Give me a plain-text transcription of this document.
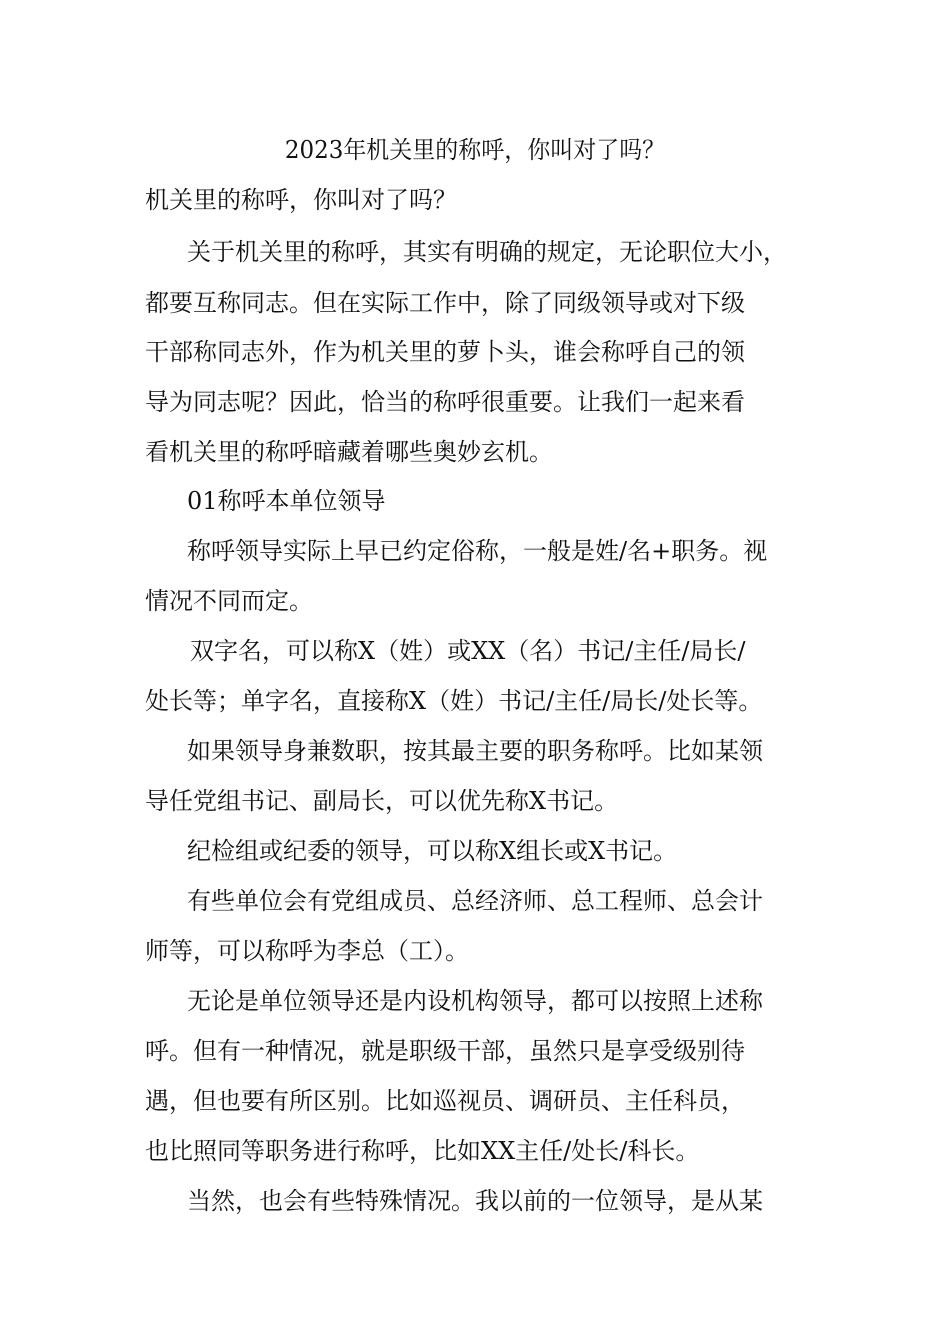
2023年机关里的称呼，你叫对了吗？
机关里的称呼，你叫对了吗？
关于机关里的称呼，其实有明确的规定，无论职位大小，
都要互称同志。但在实际工作中，除了同级领导或对下级
干部称同志外，作为机关里的萝卜头，谁会称呼自己的领
导为同志呢？因此，恰当的称呼很重要。让我们一起来看
看机关里的称呼暗藏着哪些奥妙玄机。
01称呼本单位领导
称呼领导实际上早已约定俗称，一般是姓/名+职务。视
情况不同而定。
双字名，可以称X（姓）或XX（名）书记/主任/局长/
处长等；单字名，直接称X（姓）书记/主任/局长/处长等。
如果领导身兼数职，按其最主要的职务称呼。比如某领
导任党组书记、副局长，可以优先称X书记。
纪检组或纪委的领导，可以称X组长或X书记。
有些单位会有党组成员、总经济师、总工程师、总会计
师等，可以称呼为李总（工）。
无论是单位领导还是内设机构领导，都可以按照上述称
呼。但有一种情况，就是职级干部，虽然只是享受级别待
遇，但也要有所区别。比如巡视员、调研员、主任科员，
也比照同等职务进行称呼，比如XX主任/处长/科长。
当然，也会有些特殊情况。我以前的一位领导，是从某
